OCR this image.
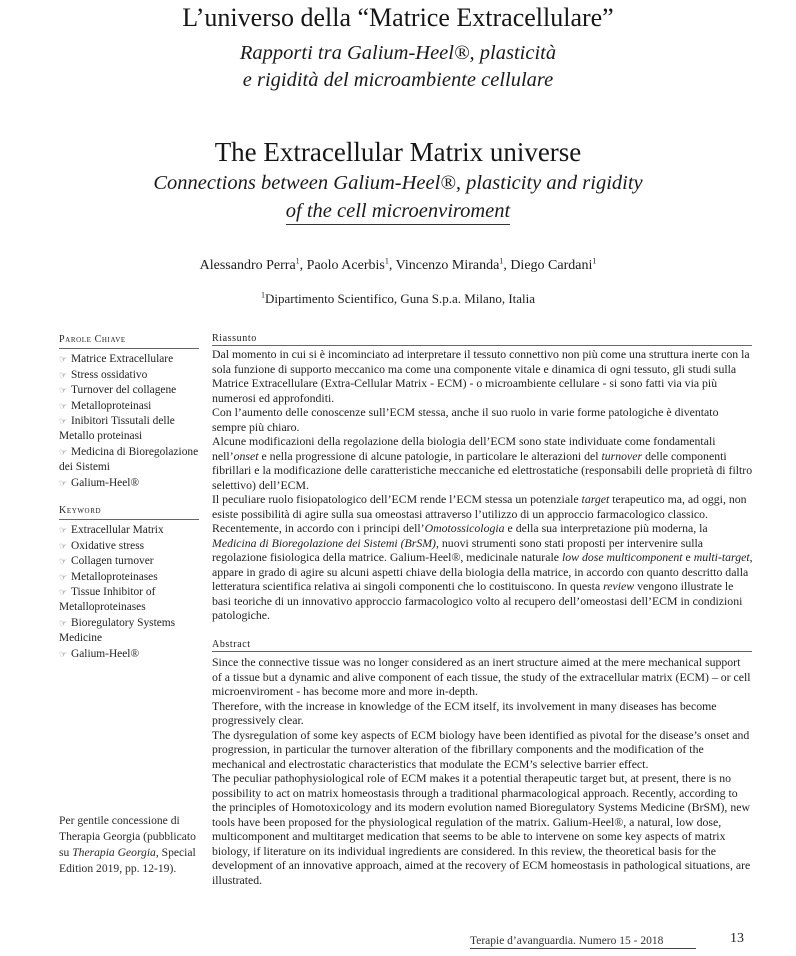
L’universo della “Matrice Extracellulare”
Rapporti tra Galium-Heel®, plasticità
e rigidità del microambiente cellulare
The Extracellular Matrix universe
Connections between Galium-Heel®, plasticity and rigidity
of the cell microenviroment
Alessandro Perra$^1$, Paolo Acerbis$^1$, Vincenzo Miranda$^1$, Diego Cardani$^1$
$^1$Dipartimento Scientifico, Guna S.p.a. Milano, Italia
Parole Chiave
☞ Matrice Extracellulare
☞ Stress ossidativo
☞ Turnover del collagene
☞ Metalloproteinasi
☞ Inibitori Tissutali delle Metallo proteinasi
☞ Medicina di Bioregolazione dei Sistemi
☞ Galium-Heel®
Keyword
☞ Extracellular Matrix
☞ Oxidative stress
☞ Collagen turnover
☞ Metalloproteinases
☞ Tissue Inhibitor of Metalloproteinases
☞ Bioregulatory Systems Medicine
☞ Galium-Heel®
Per gentile concessione di Therapia Georgia (pubblicato su Therapia Georgia, Special Edition 2019, pp. 12-19).
Riassunto

Dal momento in cui si è incominciato ad interpretare il tessuto connettivo non più come una struttura inerte con la sola funzione di supporto meccanico ma come una componente vitale e dinamica di ogni tessuto, gli studi sulla Matrice Extracellulare (Extra-Cellular Matrix - ECM) - o microambiente cellulare - si sono fatti via via più numerosi ed approfonditi.

Con l’aumento delle conoscenze sull’ECM stessa, anche il suo ruolo in varie forme patologiche è diventato sempre più chiaro.

Alcune modificazioni della regolazione della biologia dell’ECM sono state individuate come fondamentali nell’onset e nella progressione di alcune patologie, in particolare le alterazioni del turnover delle componenti fibrillari e la modificazione delle caratteristiche meccaniche ed elettrostatiche (responsabili delle proprietà di filtro selettivo) dell’ECM.

Il peculiare ruolo fisiopatologico dell’ECM rende l’ECM stessa un potenziale target terapeutico ma, ad oggi, non esiste possibilità di agire sulla sua omeostasi attraverso l’utilizzo di un approccio farmacologico classico. Recentemente, in accordo con i principi dell’Omotossicologia e della sua interpretazione più moderna, la Medicina di Bioregolazione dei Sistemi (BrSM), nuovi strumenti sono stati proposti per intervenire sulla regolazione fisiologica della matrice. Galium-Heel®, medicinale naturale low dose multicomponent e multi-target, appare in grado di agire su alcuni aspetti chiave della biologia della matrice, in accordo con quanto descritto dalla letteratura scientifica relativa ai singoli componenti che lo costituiscono. In questa review vengono illustrate le basi teoriche di un innovativo approccio farmacologico volto al recupero dell’omeostasi dell’ECM in condizioni patologiche.

Abstract

Since the connective tissue was no longer considered as an inert structure aimed at the mere mechanical support of a tissue but a dynamic and alive component of each tissue, the study of the extracellular matrix (ECM) – or cell microenviroment - has become more and more in-depth.

Therefore, with the increase in knowledge of the ECM itself, its involvement in many diseases has become progressively clear.

The dysregulation of some key aspects of ECM biology have been identified as pivotal for the disease’s onset and progression, in particular the turnover alteration of the fibrillary components and the modification of the mechanical and electrostatic characteristics that modulate the ECM’s selective barrier effect.

The peculiar pathophysiological role of ECM makes it a potential therapeutic target but, at present, there is no possibility to act on matrix homeostasis through a traditional pharmacological approach. Recently, according to the principles of Homotoxicology and its modern evolution named Bioregulatory Systems Medicine (BrSM), new tools have been proposed for the physiological regulation of the matrix. Galium-Heel®, a natural, low dose, multicomponent and multitarget medication that seems to be able to intervene on some key aspects of matrix biology, if literature on its individual ingredients are considered. In this review, the theoretical basis for the development of an innovative approach, aimed at the recovery of ECM homeostasis in pathological situations, are illustrated.

Terapie d’avanguardia. Numero 15 - 2018	13
